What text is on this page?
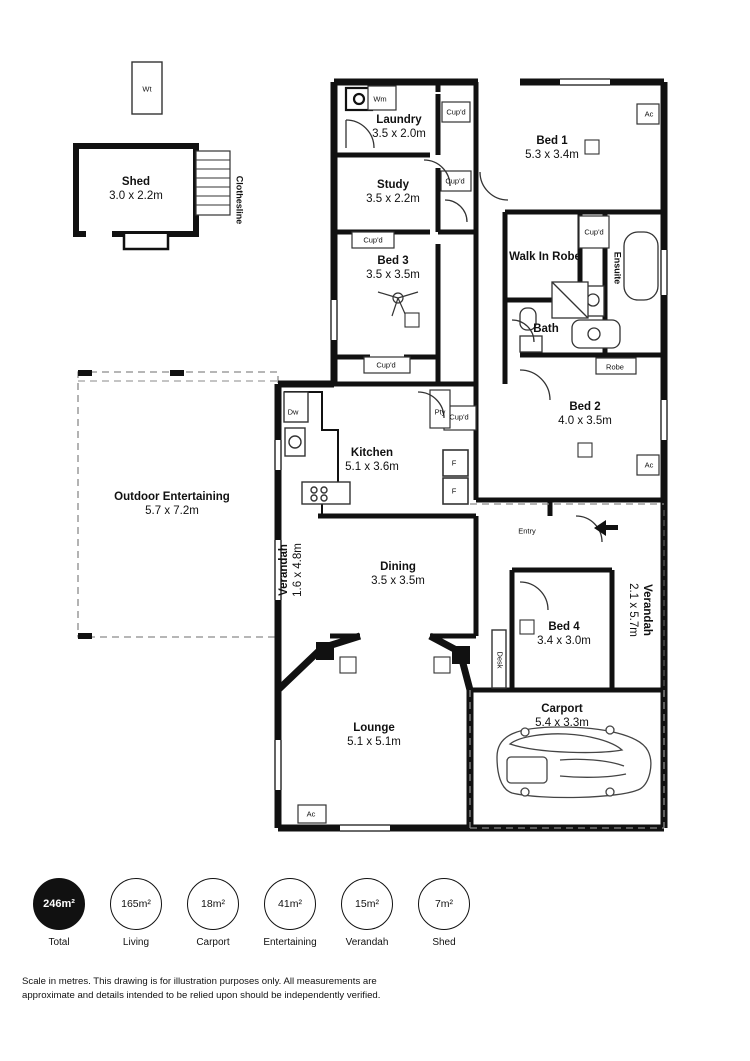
Bed 1
5.3 x 3.4m
Laundry
3.5 x 2.0m
Study
3.5 x 2.2m
Bed 3
3.5 x 3.5m
Walk In Robe
Bath
Bed 2
4.0 x 3.5m
Kitchen
5.1 x 3.6m
Dining
3.5 x 3.5m
Bed 4
3.4 x 3.0m
Carport
5.4 x 3.3m
Lounge
5.1 x 5.1m
Outdoor Entertaining
5.7 x 7.2m
Shed
3.0 x 2.2m
Verandah 1.6 x 4.8m
Verandah
2.1 x 5.7m
Ensuite
Clothesline
Wt
Wm
Cup'd
Cup'd
Ac
Cup'd
Cup'd
Cup'd	Robe
Dw	Pty
Cup'd
F
F
Ac
Entry
Ac
Desk
246m²
Total
165m²
Living
18m²
Carport
41m²
Entertaining
15m²
Verandah
7m²
Shed
Scale in metres. This drawing is for illustration purposes only. All measurements are
approximate and details intended to be relied upon should be independently verified.
